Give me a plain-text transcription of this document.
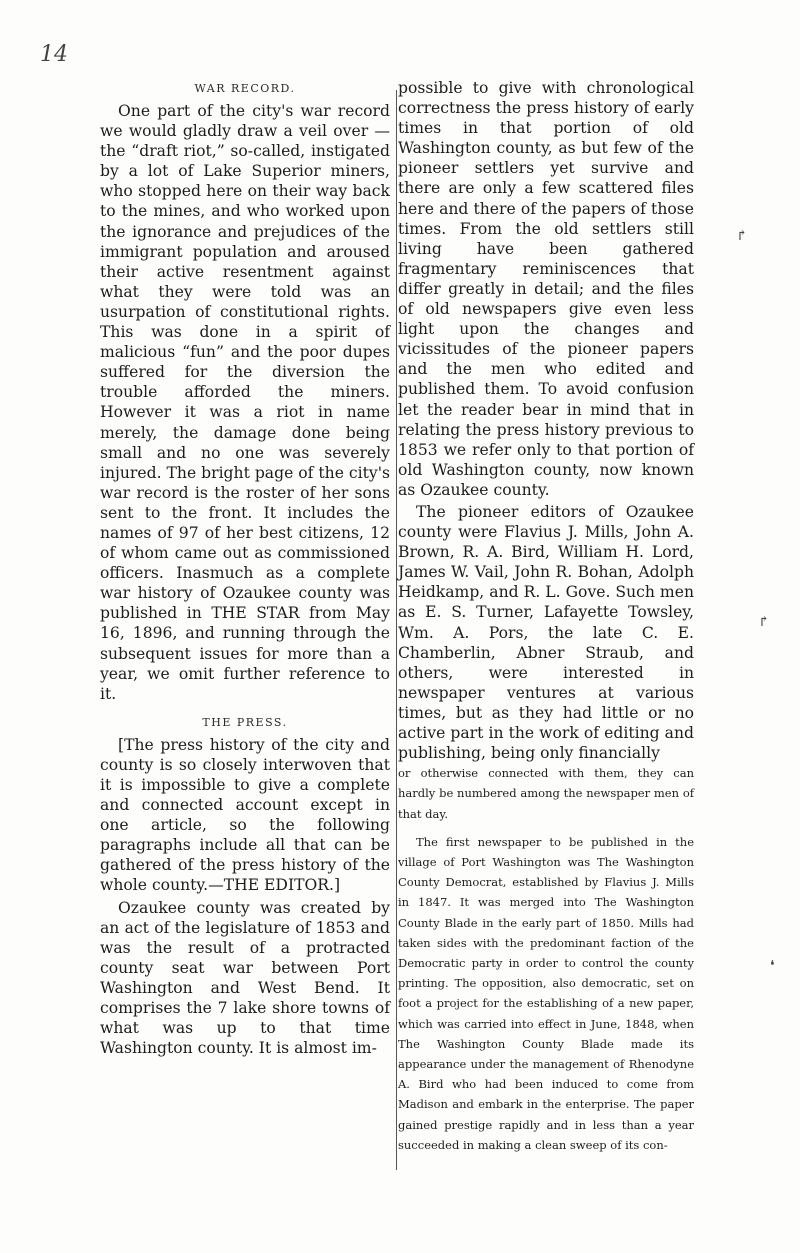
14
WAR RECORD.

One part of the city's war record we would gladly draw a veil over —the “draft riot,” so-called, instigated by a lot of Lake Superior miners, who stopped here on their way back to the mines, and who worked upon the ignorance and prejudices of the immigrant population and aroused their active resentment against what they were told was an usurpation of constitutional rights. This was done in a spirit of malicious “fun” and the poor dupes suffered for the diversion the trouble afforded the miners. However it was a riot in name merely, the damage done being small and no one was severely injured. The bright page of the city's war record is the roster of her sons sent to the front. It includes the names of 97 of her best citizens, 12 of whom came out as commissioned officers. Inasmuch as a complete war history of Ozaukee county was published in THE STAR from May 16, 1896, and running through the subsequent issues for more than a year, we omit further reference to it.

THE PRESS.

[The press history of the city and county is so closely interwoven that it is impossible to give a complete and connected account except in one article, so the following paragraphs include all that can be gathered of the press history of the whole county.—THE EDITOR.]

Ozaukee county was created by an act of the legislature of 1853 and was the result of a protracted county seat war between Port Washington and West Bend. It comprises the 7 lake shore towns of what was up to that time Washington county. It is almost im-

possible to give with chronological correctness the press history of early times in that portion of old Washington county, as but few of the pioneer settlers yet survive and there are only a few scattered files here and there of the papers of those times. From the old settlers still living have been gathered fragmentary reminiscences that differ greatly in detail; and the files of old newspapers give even less light upon the changes and vicissitudes of the pioneer papers and the men who edited and published them. To avoid confusion let the reader bear in mind that in relating the press history previous to 1853 we refer only to that portion of old Washington county, now known as Ozaukee county.

The pioneer editors of Ozaukee county were Flavius J. Mills, John A. Brown, R. A. Bird, William H. Lord, James W. Vail, John R. Bohan, Adolph Heidkamp, and R. L. Gove. Such men as E. S. Turner, Lafayette Towsley, Wm. A. Pors, the late C. E. Chamberlin, Abner Straub, and others, were interested in newspaper ventures at various times, but as they had little or no active part in the work of editing and publishing, being only financially

or otherwise connected with them, they can hardly be numbered among the newspaper men of that day.

The first newspaper to be published in the village of Port Washington was The Washington County Democrat, established by Flavius J. Mills in 1847. It was merged into The Washington County Blade in the early part of 1850. Mills had taken sides with the predominant faction of the Democratic party in order to control the county printing. The opposition, also democratic, set on foot a project for the establishing of a new paper, which was carried into effect in June, 1848, when The Washington County Blade made its appearance under the management of Rhenodyne A. Bird who had been induced to come from Madison and embark in the enterprise. The paper gained prestige rapidly and in less than a year succeeded in making a clean sweep of its con-

↱
↱
❛
